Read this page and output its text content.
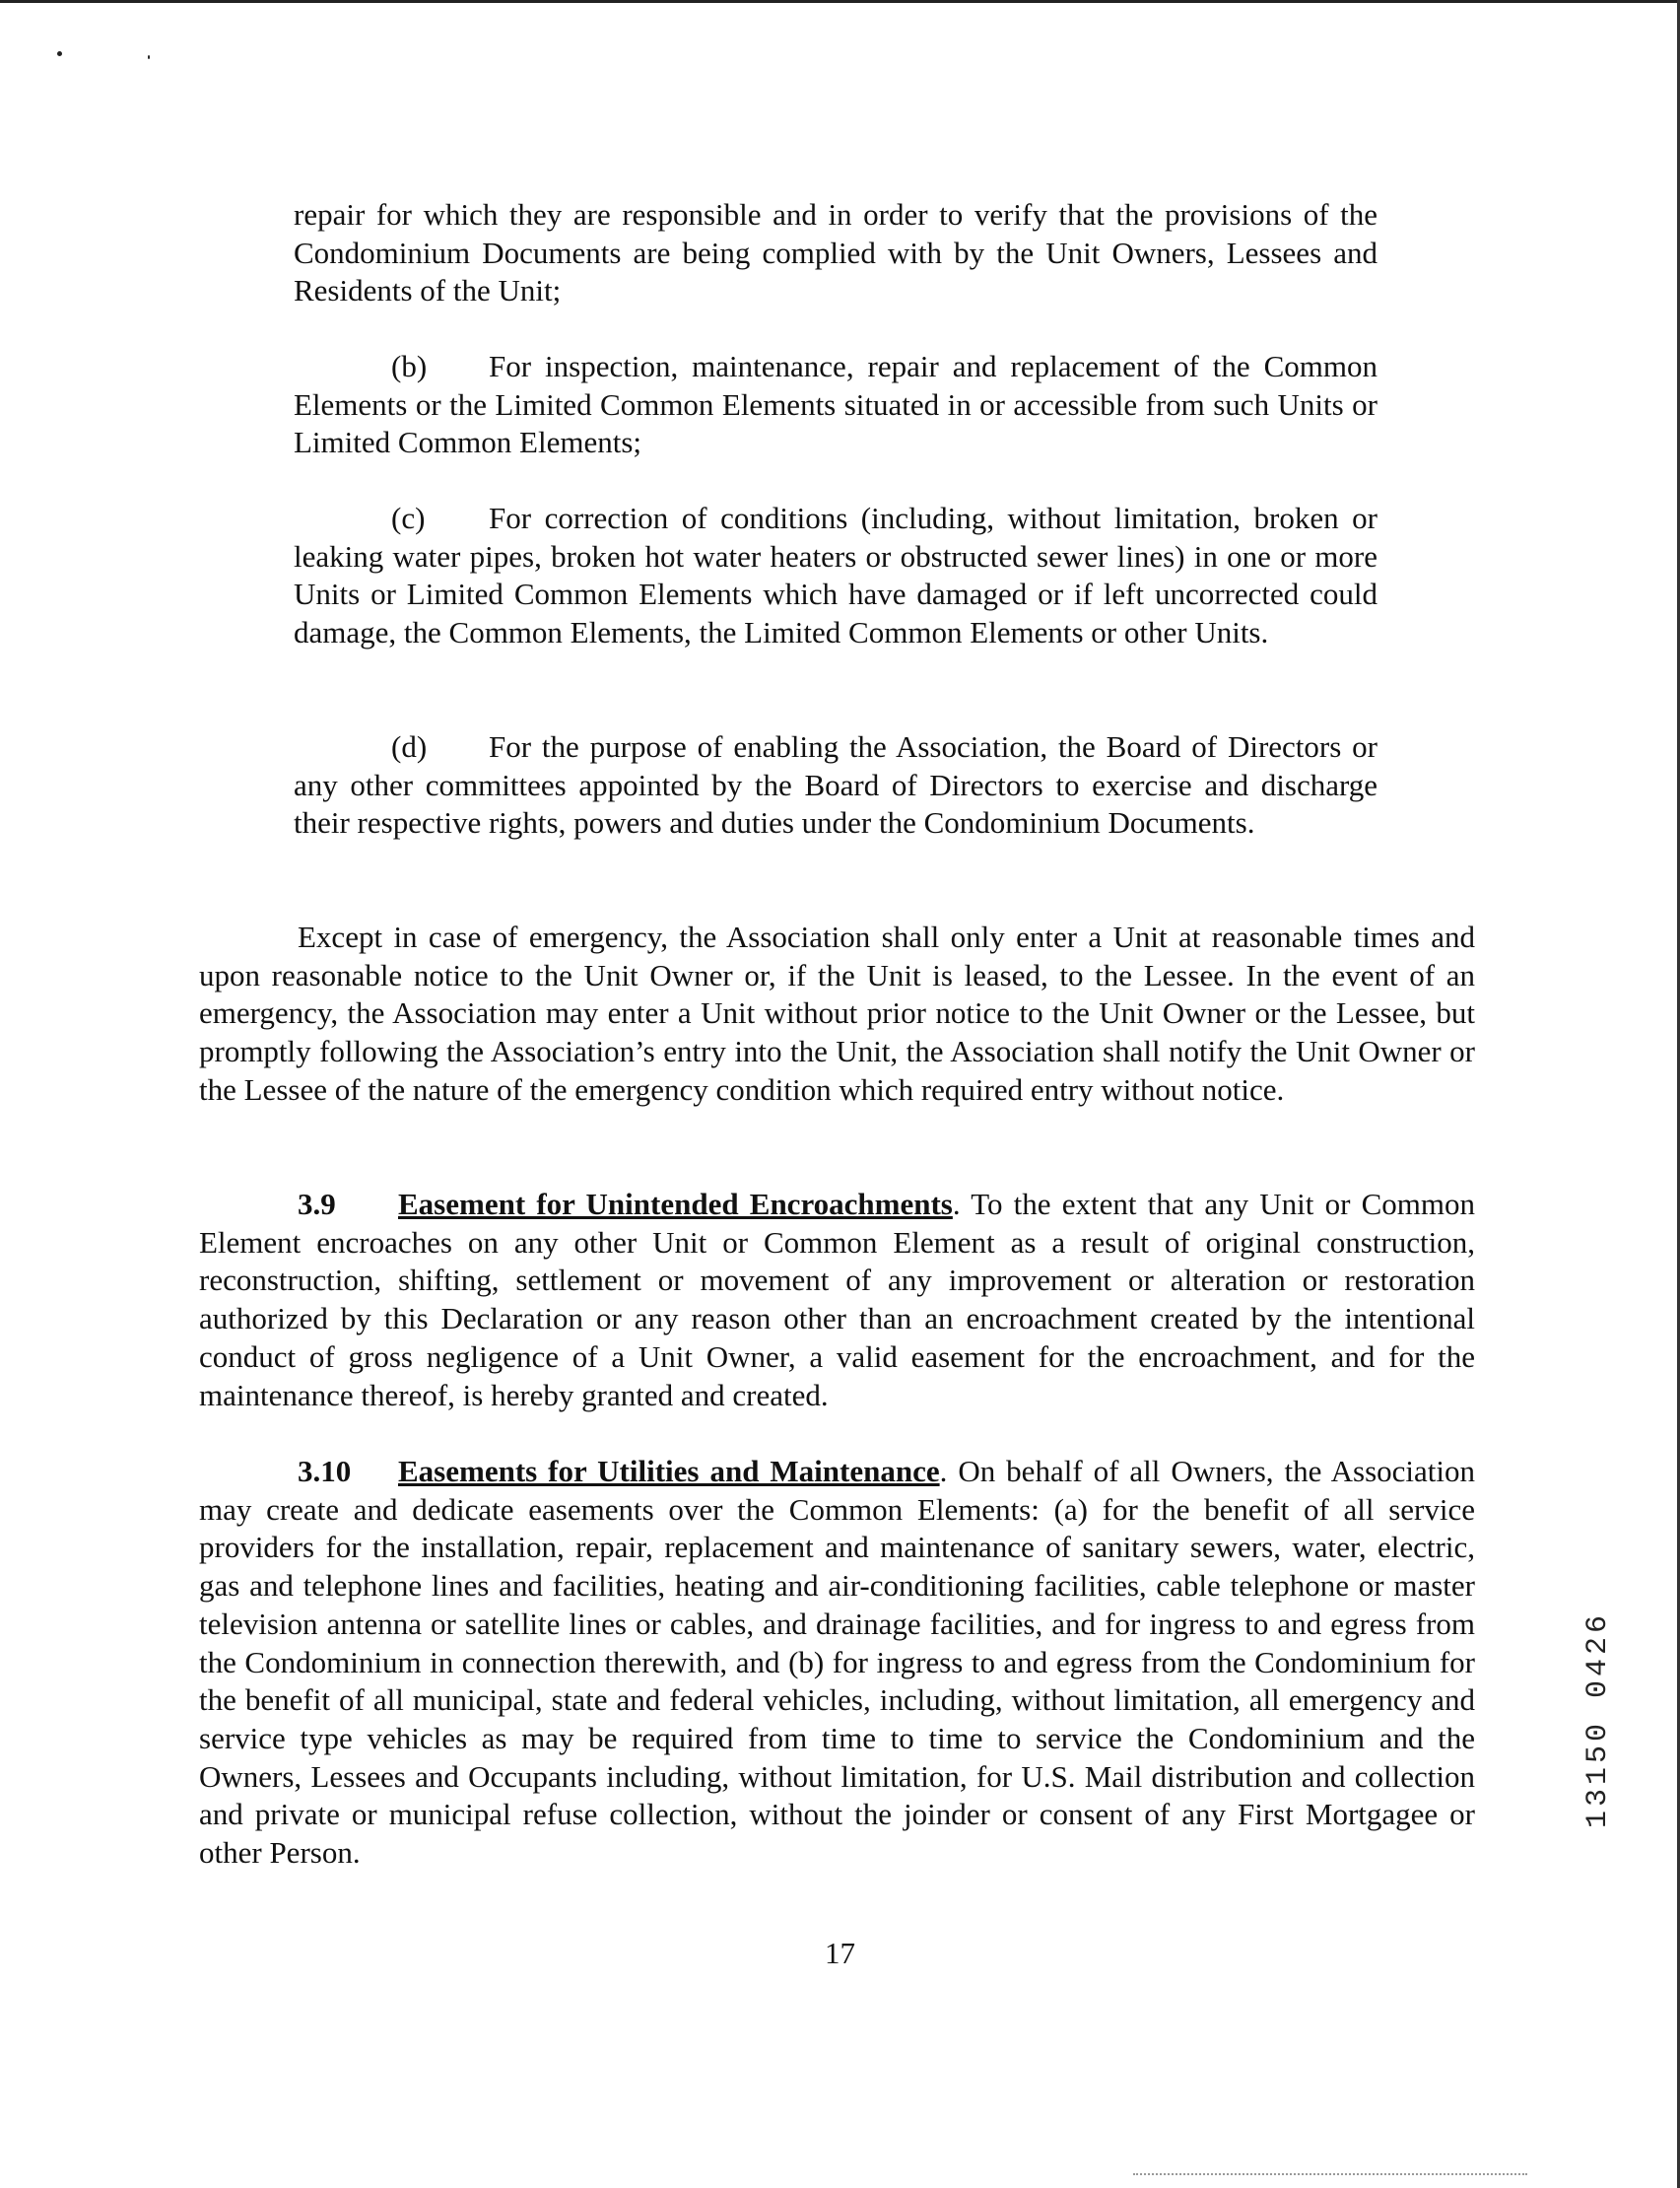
repair for which they are responsible and in order to verify that the provisions of the Condominium Documents are being complied with by the Unit Owners, Lessees and Residents of the Unit;

(b) For inspection, maintenance, repair and replacement of the Common Elements or the Limited Common Elements situated in or accessible from such Units or Limited Common Elements;

(c) For correction of conditions (including, without limitation, broken or leaking water pipes, broken hot water heaters or obstructed sewer lines) in one or more Units or Limited Common Elements which have damaged or if left uncorrected could damage, the Common Elements, the Limited Common Elements or other Units.

(d) For the purpose of enabling the Association, the Board of Directors or any other committees appointed by the Board of Directors to exercise and discharge their respective rights, powers and duties under the Condominium Documents.

Except in case of emergency, the Association shall only enter a Unit at reasonable times and upon reasonable notice to the Unit Owner or, if the Unit is leased, to the Lessee. In the event of an emergency, the Association may enter a Unit without prior notice to the Unit Owner or the Lessee, but promptly following the Association’s entry into the Unit, the Association shall notify the Unit Owner or the Lessee of the nature of the emergency condition which required entry without notice.

3.9 Easement for Unintended Encroachments. To the extent that any Unit or Common Element encroaches on any other Unit or Common Element as a result of original construction, reconstruction, shifting, settlement or movement of any improvement or alteration or restoration authorized by this Declaration or any reason other than an encroachment created by the intentional conduct of gross negligence of a Unit Owner, a valid easement for the encroachment, and for the maintenance thereof, is hereby granted and created.

3.10 Easements for Utilities and Maintenance. On behalf of all Owners, the Association may create and dedicate easements over the Common Elements: (a) for the benefit of all service providers for the installation, repair, replacement and maintenance of sanitary sewers, water, electric, gas and telephone lines and facilities, heating and air-conditioning facilities, cable telephone or master television antenna or satellite lines or cables, and drainage facilities, and for ingress to and egress from the Condominium in connection therewith, and (b) for ingress to and egress from the Condominium for the benefit of all municipal, state and federal vehicles, including, without limitation, all emergency and service type vehicles as may be required from time to time to service the Condominium and the Owners, Lessees and Occupants including, without limitation, for U.S. Mail distribution and collection and private or municipal refuse collection, without the joinder or consent of any First Mortgagee or other Person.

17
13150 0426
